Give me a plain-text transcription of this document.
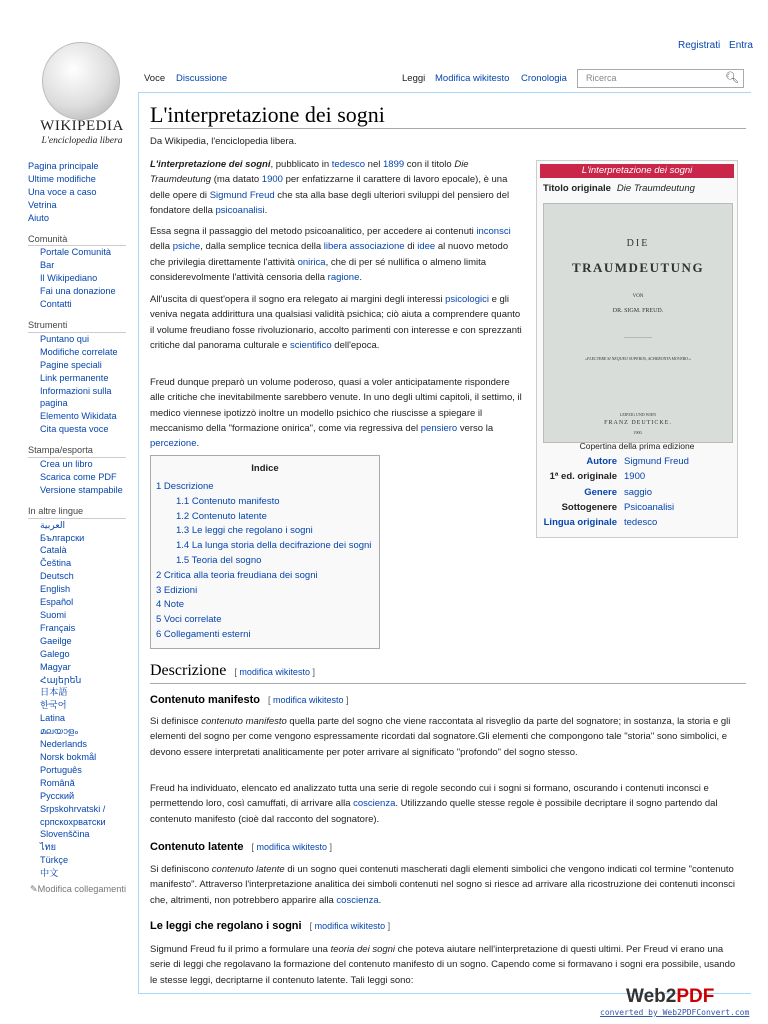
Registrati Entra
WIKIPEDIA
L'enciclopedia libera
Pagina principale
Ultime modifiche
Una voce a caso
Vetrina
Aiuto
Comunità
Portale Comunità
Bar
Il Wikipediano
Fai una donazione
Contatti
Strumenti
Puntano qui
Modifiche correlate
Pagine speciali
Link permanente
Informazioni sulla pagina
Elemento Wikidata
Cita questa voce
Stampa/esporta
Crea un libro
Scarica come PDF
Versione stampabile
In altre lingue
العربية
Български
Català
Čeština
Deutsch
English
Español
Suomi
Français
Gaeilge
Galego
Magyar
Հայերեն
日本語
한국어
Latina
മലയാളം
Nederlands
Norsk bokmål
Português
Română
Русский
Srpskohrvatski / српскохрватски
Slovenščina
ไทย
Türkçe
中文
✎Modifica collegamenti
Voce	Discussione	Leggi	Modifica wikitesto	Cronologia	Ricerca	🔍︎
L'interpretazione dei sogni
Da Wikipedia, l'enciclopedia libera.
L'interpretazione dei sogni, pubblicato in tedesco nel 1899 con il titolo Die Traumdeutung (ma datato 1900 per enfatizzarne il carattere di lavoro epocale), è una delle opere di Sigmund Freud che sta alla base degli ulteriori sviluppi del pensiero del fondatore della psicoanalisi.
Essa segna il passaggio del metodo psicoanalitico, per accedere ai contenuti inconsci della psiche, dalla semplice tecnica della libera associazione di idee al nuovo metodo che privilegia direttamente l'attività onirica, che di per sé nullifica o almeno limita considerevolmente l'attività censoria della ragione.
All'uscita di quest'opera il sogno era relegato ai margini degli interessi psicologici e gli veniva negata addirittura una qualsiasi validità psichica; ciò aiuta a comprendere quanto il volume freudiano fosse rivoluzionario, accolto parimenti con interesse e con sprezzanti critiche dal panorama culturale e scientifico dell'epoca.
Freud dunque preparò un volume poderoso, quasi a voler anticipatamente rispondere alle critiche che inevitabilmente sarebbero venute. In uno degli ultimi capitoli, il settimo, il medico viennese ipotizzò inoltre un modello psichico che riuscisse a spiegare il meccanismo della "formazione onirica", come via regressiva del pensiero verso la percezione.
L'interpretazione dei sogni
Titolo originale Die Traumdeutung
DIE
TRAUMDEUTUNG
VON
DR. SIGM. FREUD.
———————
»FLECTERE SI NEQUEO SUPEROS, ACHERONTA MOVEBO.«
LEIPZIG UND WIEN
FRANZ DEUTICKE.
1900.
Copertina della prima edizione
Autore Sigmund Freud
1ª ed. originale 1900
Genere saggio
Sottogenere Psicoanalisi
Lingua originale tedesco
Indice
1 Descrizione
1.1 Contenuto manifesto
1.2 Contenuto latente
1.3 Le leggi che regolano i sogni
1.4 La lunga storia della decifrazione dei sogni
1.5 Teoria del sogno
2 Critica alla teoria freudiana dei sogni
3 Edizioni
4 Note
5 Voci correlate
6 Collegamenti esterni
Descrizione [ modifica wikitesto ]
Contenuto manifesto [ modifica wikitesto ]
Si definisce contenuto manifesto quella parte del sogno che viene raccontata al risveglio da parte del sognatore; in sostanza, la storia e gli elementi del sogno per come vengono espressamente ricordati dal sognatore.Gli elementi che compongono tale "storia" sono simbolici, e devono essere interpretati analiticamente per poter arrivare al significato "profondo" del sogno stesso.
Freud ha individuato, elencato ed analizzato tutta una serie di regole secondo cui i sogni si formano, oscurando i contenuti inconsci e permettendo loro, così camuffati, di arrivare alla coscienza. Utilizzando quelle stesse regole è possibile decriptare il sogno partendo dal contenuto manifesto (cioè dal racconto del sognatore).
Contenuto latente [ modifica wikitesto ]
Si definiscono contenuto latente di un sogno quei contenuti mascherati dagli elementi simbolici che vengono indicati col termine "contenuto manifesto". Attraverso l'interpretazione analitica dei simboli contenuti nel sogno si riesce ad arrivare alla ricostruzione dei contenuti inconsci che, altrimenti, non potrebbero apparire alla coscienza.
Le leggi che regolano i sogni [ modifica wikitesto ]
Sigmund Freud fu il primo a formulare una teoria dei sogni che poteva aiutare nell'interpretazione di questi ultimi. Per Freud vi erano una serie di leggi che regolavano la formazione del contenuto manifesto di un sogno. Capendo come si formavano i sogni era possibile, usando le stesse leggi, decriptarne il contenuto latente. Tali leggi sono:
Web2PDF
converted by Web2PDFConvert.com
